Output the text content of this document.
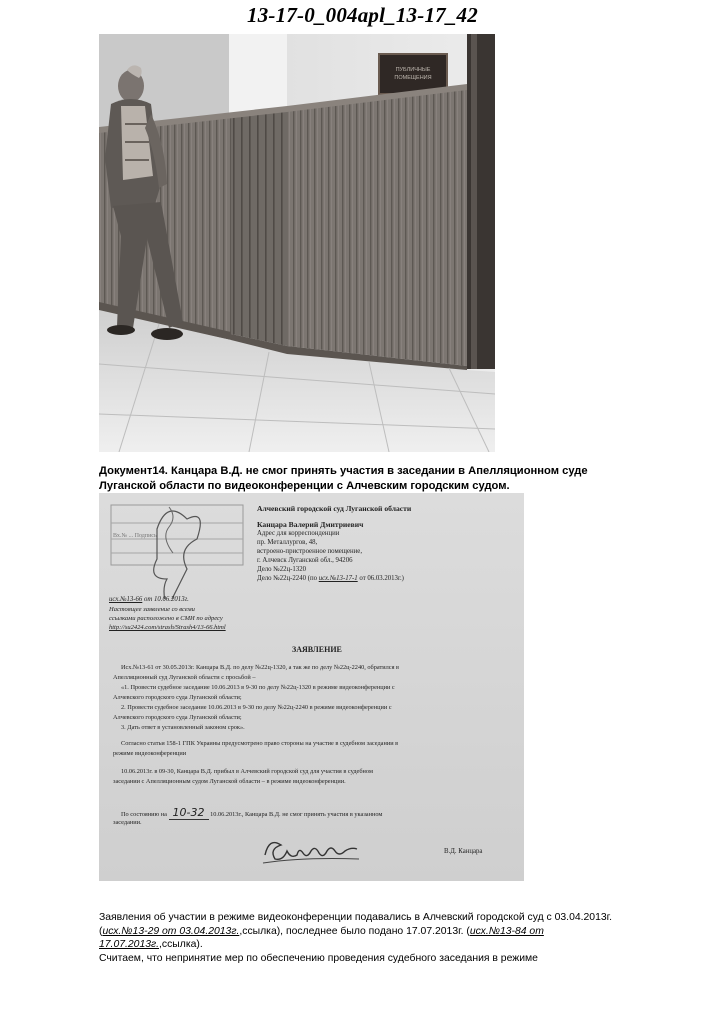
13-17-0_004apl_13-17_42
ПУБЛИЧНЫЕ
ПОМЕЩЕНИЯ
Документ14. Канцара В.Д. не смог принять участия в заседании в Апелляционном суде Луганской области по видеоконференции с Алчевским городским судом.
Вх.№ ... Подпись
Алчевский городской суд Луганской области
Канцара Валерий Дмитриевич
Адрес для корреспонденции
пр. Металлургов, 48,
встроено-пристроенное помещение,
г. Алчевск Луганской обл., 94206
Дело №22ц-1320
Дело №22ц-2240 (по исх.№13-17-1 от 06.03.2013г.)
исх.№13-66 от 10.06.2013г.
Настоящее заявление со всеми
ссылками расположено в СМИ по адресу
http://su2424.com/strash/Strash4/13-66.html
ЗАЯВЛЕНИЕ
Исх.№13-61 от 30.05.2013г. Канцара В.Д. по делу №22ц-1320, а так же по делу №22ц-2240, обратился в
Апелляционный суд Луганской области с просьбой –
«1. Провести судебное заседание 10.06.2013 в 9-30 по делу №22ц-1320 в режиме видеоконференции с
Алчевского городского суда Луганской области;
2. Провести судебное заседание 10.06.2013 в 9-30 по делу №22ц-2240 в режиме видеоконференции с
Алчевского городского суда Луганской области;
3. Дать ответ в установленный законом срок».
Согласно статьи 158-1 ГПК Украины предусмотрено право стороны на участие в судебном заседании в
режиме видеоконференции
10.06.2013г. в 09-30, Канцара В.Д. прибыл в Алчевский городской суд для участия в судебном
заседании с Апелляционным судом Луганской области – в режиме видеоконференции.
По состоянию на 10-32 10.06.2013г., Канцара В.Д. не смог принять участия в указанном
заседании.
В.Д. Канцара
Заявления об участии в режиме видеоконференции подавались в Алчевский городской суд с 03.04.2013г. (исх.№13-29 от 03.04.2013г.,ссылка), последнее было подано 17.07.2013г. (исх.№13-84 от 17.07.2013г.,ссылка).
Считаем, что непринятие мер по обеспечению проведения судебного заседания в режиме
